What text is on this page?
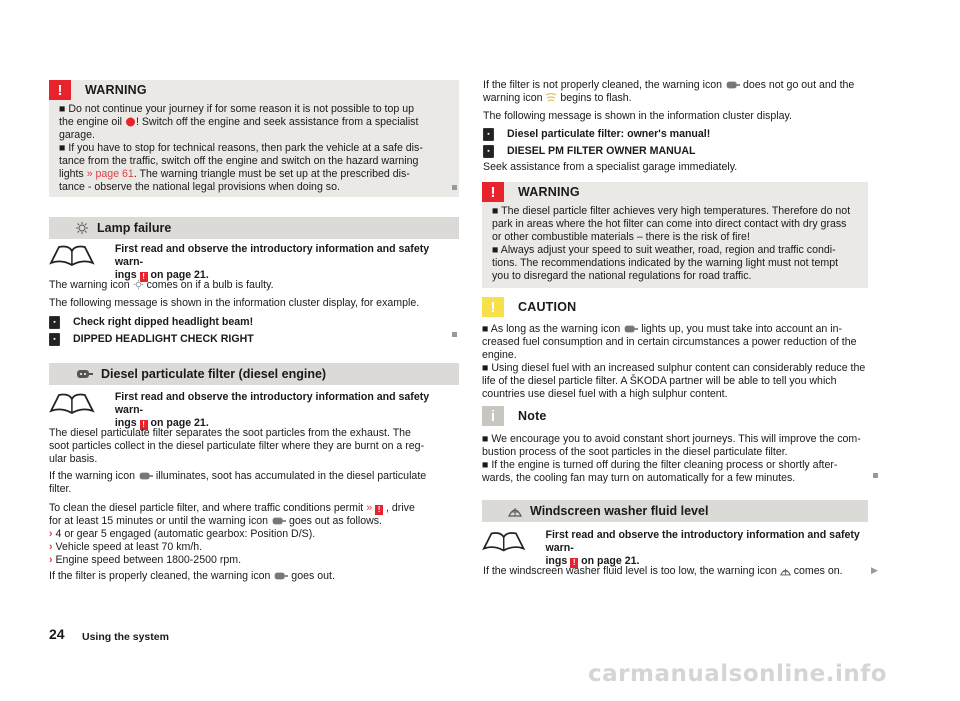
!	WARNING

■ Do not continue your journey if for some reason it is not possible to top up

the engine oil ! Switch off the engine and seek assistance from a specialist

garage.

■ If you have to stop for technical reasons, then park the vehicle at a safe dis-

tance from the traffic, switch off the engine and switch on the hazard warning

lights » page 61. The warning triangle must be set up at the prescribed dis-

tance - observe the national legal provisions when doing so.

Lamp failure

First read and observe the introductory information and safety warn-

ings ! on page 21.

The warning icon  comes on if a bulb is faulty.

The following message is shown in the information cluster display, for example.

▪	Check right dipped headlight beam!
▪	DIPPED HEADLIGHT CHECK RIGHT
Diesel particulate filter (diesel engine)

First read and observe the introductory information and safety warn-

ings ! on page 21.

The diesel particulate filter separates the soot particles from the exhaust. The

soot particles collect in the diesel particulate filter where they are burnt on a reg-

ular basis.

If the warning icon  illuminates, soot has accumulated in the diesel particulate

filter.

To clean the diesel particle filter, and where traffic conditions permit » ! , drive

for at least 15 minutes or until the warning icon  goes out as follows.

› 4 or gear 5 engaged (automatic gearbox: Position D/S).

› Vehicle speed at least 70 km/h.

› Engine speed between 1800-2500 rpm.

If the filter is properly cleaned, the warning icon  goes out.

If the filter is not properly cleaned, the warning icon  does not go out and the

warning icon  begins to flash.

The following message is shown in the information cluster display.

▪	Diesel particulate filter: owner's manual!
▪	DIESEL PM FILTER OWNER MANUAL

Seek assistance from a specialist garage immediately.

!	WARNING

■ The diesel particle filter achieves very high temperatures. Therefore do not

park in areas where the hot filter can come into direct contact with dry grass

or other combustible materials – there is the risk of fire!

■ Always adjust your speed to suit weather, road, region and traffic condi-

tions. The recommendations indicated by the warning light must not tempt

you to disregard the national regulations for road traffic.

!	CAUTION

■ As long as the warning icon  lights up, you must take into account an in-

creased fuel consumption and in certain circumstances a power reduction of the

engine.

■ Using diesel fuel with an increased sulphur content can considerably reduce the

life of the diesel particle filter. A ŠKODA partner will be able to tell you which

countries use diesel fuel with a high sulphur content.

i	Note

■ We encourage you to avoid constant short journeys. This will improve the com-

bustion process of the soot particles in the diesel particulate filter.

■ If the engine is turned off during the filter cleaning process or shortly after-

wards, the cooling fan may turn on automatically for a few minutes.

Windscreen washer fluid level

First read and observe the introductory information and safety warn-

ings ! on page 21.

If the windscreen washer fluid level is too low, the warning icon  comes on.	▶
24 Using the system
carmanualsonline.info
